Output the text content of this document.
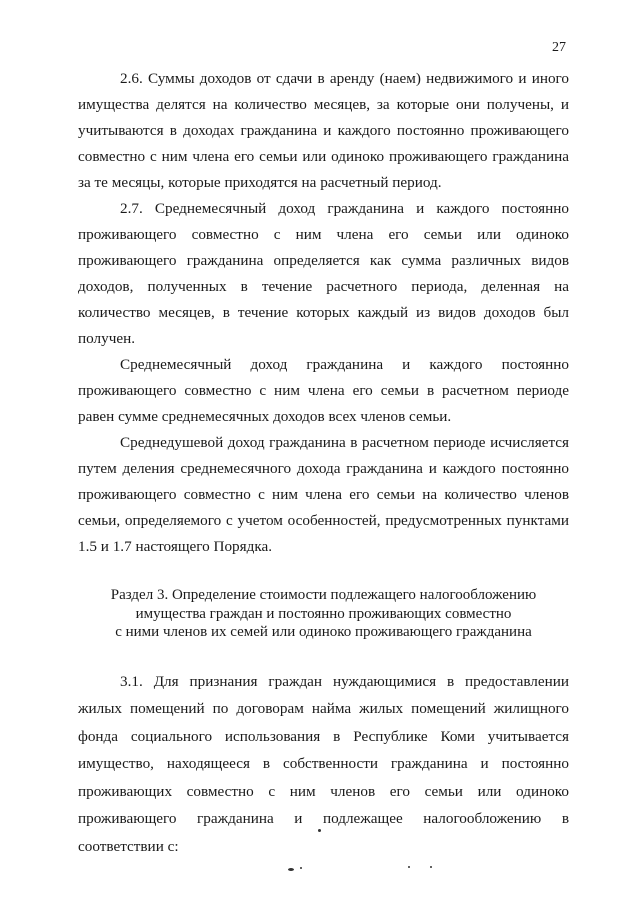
27

2.6. Суммы доходов от сдачи в аренду (наем) недвижимого и иного имущества делятся на количество месяцев, за которые они получены, и учитываются в доходах гражданина и каждого постоянно проживающего совместно с ним члена его семьи или одиноко проживающего гражданина за те месяцы, которые приходятся на расчетный период.

2.7. Среднемесячный доход гражданина и каждого постоянно проживающего совместно с ним члена его семьи или одиноко проживающего гражданина определяется как сумма различных видов доходов, полученных в течение расчетного периода, деленная на количество месяцев, в течение которых каждый из видов доходов был получен.

Среднемесячный доход гражданина и каждого постоянно проживающего совместно с ним члена его семьи в расчетном периоде равен сумме среднемесячных доходов всех членов семьи.

Среднедушевой доход гражданина в расчетном периоде исчисляется путем деления среднемесячного дохода гражданина и каждого постоянно проживающего совместно с ним члена его семьи на количество членов семьи, определяемого с учетом особенностей, предусмотренных пунктами 1.5 и 1.7 настоящего Порядка.

Раздел 3. Определение стоимости подлежащего налогообложению
имущества граждан и постоянно проживающих совместно
с ними членов их семей или одиноко проживающего гражданина

3.1. Для признания граждан нуждающимися в предоставлении жилых помещений по договорам найма жилых помещений жилищного фонда социального использования в Республике Коми учитывается имущество, находящееся в собственности гражданина и постоянно проживающих совместно с ним членов его семьи или одиноко проживающего гражданина и подлежащее налогообложению в соответствии с:
